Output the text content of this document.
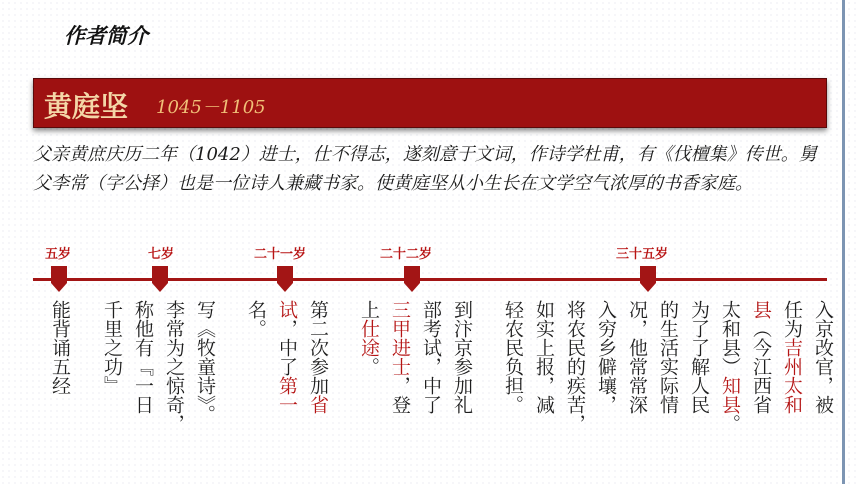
作者简介
黄庭坚 1045－1105
父亲黄庶庆历二年（1042）进士，仕不得志，遂刻意于文词，作诗学杜甫，有《伐檀集》传世。舅父李常（字公择）也是一位诗人兼藏书家。使黄庭坚从小生长在文学空气浓厚的书香家庭。
五岁	七岁	二十一岁	二十二岁	三十五岁
能背诵五经 千里之功』 称他有『一日 李常为之惊奇， 写《牧童诗》。 名。 试，中了第一 第二次参加省
上仕途。 三甲进士，登 部考试，中了 到汴京参加礼 轻农民负担。 如实上报，减 将农民的疾苦， 入穷乡僻壤， 况，他常常深 的生活实际情 为了了解人民 太和县）知县。
县（今江西省 任为吉州太和 入京改官，被
